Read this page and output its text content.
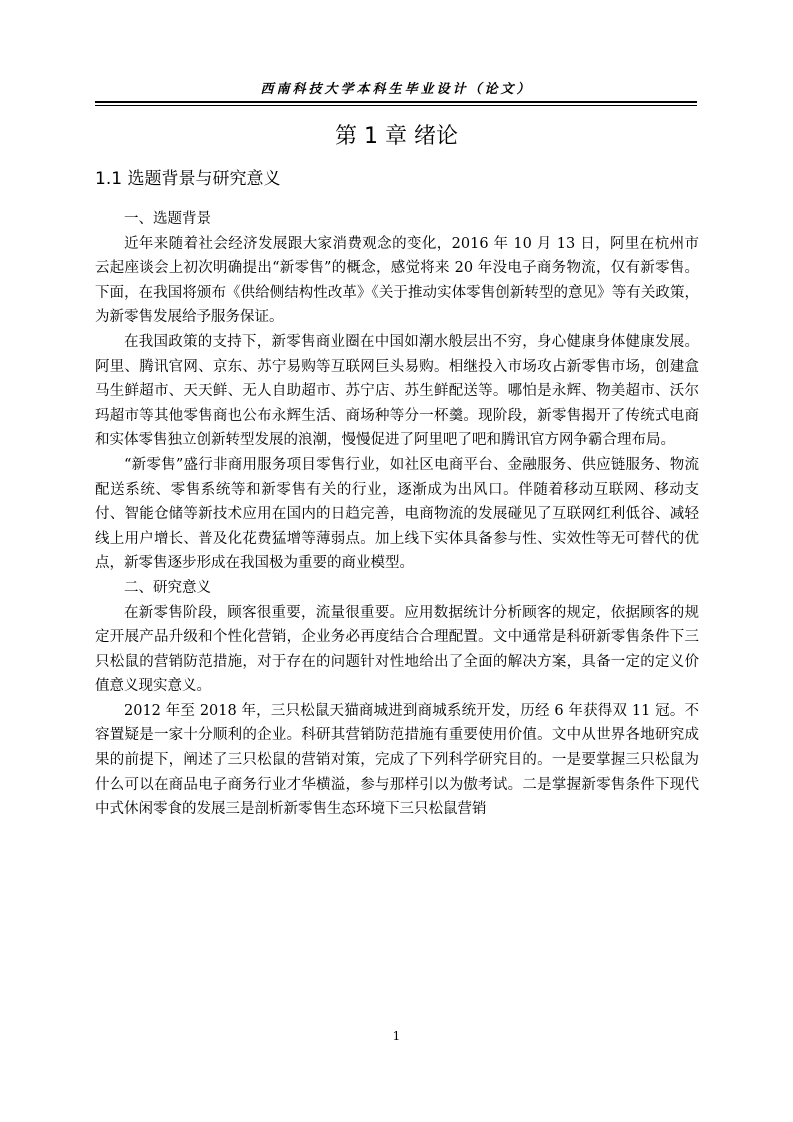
西南科技大学本科生毕业设计（论文）
第 1 章 绪论
1.1 选题背景与研究意义

一、选题背景

近年来随着社会经济发展跟大家消费观念的变化，2016 年 10 月 13 日，阿里在杭州市云起座谈会上初次明确提出“新零售”的概念，感觉将来 20 年没电子商务物流，仅有新零售。下面，在我国将颁布《供给侧结构性改革》《关于推动实体零售创新转型的意见》等有关政策，为新零售发展给予服务保证。

在我国政策的支持下，新零售商业圈在中国如潮水般层出不穷，身心健康身体健康发展。阿里、腾讯官网、京东、苏宁易购等互联网巨头易购。相继投入市场攻占新零售市场，创建盒马生鲜超市、天天鲜、无人自助超市、苏宁店、苏生鲜配送等。哪怕是永辉、物美超市、沃尔玛超市等其他零售商也公布永辉生活、商场种等分一杯羹。现阶段，新零售揭开了传统式电商和实体零售独立创新转型发展的浪潮，慢慢促进了阿里吧了吧和腾讯官方网争霸合理布局。

“新零售”盛行非商用服务项目零售行业，如社区电商平台、金融服务、供应链服务、物流配送系统、零售系统等和新零售有关的行业，逐渐成为出风口。伴随着移动互联网、移动支付、智能仓储等新技术应用在国内的日趋完善，电商物流的发展碰见了互联网红利低谷、减轻线上用户增长、普及化花费猛增等薄弱点。加上线下实体具备参与性、实效性等无可替代的优点，新零售逐步形成在我国极为重要的商业模型。

二、研究意义

在新零售阶段，顾客很重要，流量很重要。应用数据统计分析顾客的规定，依据顾客的规定开展产品升级和个性化营销，企业务必再度结合合理配置。文中通常是科研新零售条件下三只松鼠的营销防范措施，对于存在的问题针对性地给出了全面的解决方案，具备一定的定义价值意义现实意义。

2012 年至 2018 年，三只松鼠天猫商城进到商城系统开发，历经 6 年获得双 11 冠。不容置疑是一家十分顺利的企业。科研其营销防范措施有重要使用价值。文中从世界各地研究成果的前提下，阐述了三只松鼠的营销对策，完成了下列科学研究目的。一是要掌握三只松鼠为什么可以在商品电子商务行业才华横溢，参与那样引以为傲考试。二是掌握新零售条件下现代中式休闲零食的发展三是剖析新零售生态环境下三只松鼠营销

1
